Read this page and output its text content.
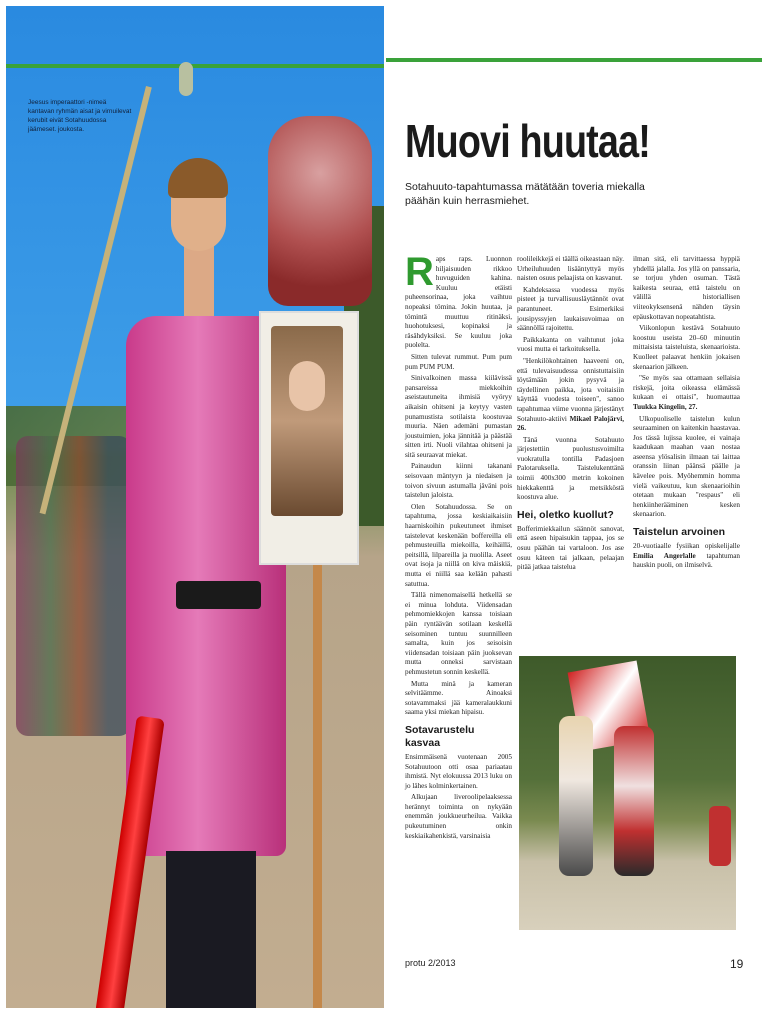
Jeesus imperaattori -nimeä kantavan ryhmän aisat ja virnuilevat kerubit eivät Sotahuudossa jäämeset. joukosta.	Muovi huutaa!
Sotahuuto-tapahtumassa mätätään toveria miekalla päähän kuin herrasmiehet.
R aps raps. Luonnon hiljaisuuden rikkoo huvuguiden kahina. Kuuluu etäisti puheensorinaa, joka vaihtuu nopeaksi tömina. Jokin huutaa, ja tömintä muuttuu ritinäksi, huohotuksesi, kopinaksi ja räsähdyksiksi. Se kuuluu joka puolelta.

Sitten tulevat rummut. Pum pum pum PUM PUM.

Sinivalkoinen massa kiilävissä pansareissa miekkoihin aseistautuneita ihmisiä vyöryy aikaisin ohitseni ja keytyy vasten punamustista sotilaista koostuvaa muuria. Näen ademäni pumastan joustuimien, joka jännitää ja päästää sitten irti. Nuoli vilahtaa ohitseni ja sitä seuraavat miekat.

Painaudun kiinni takanani seisovaan mäntyyn ja niedaisen ja toivon sivuun astumalla jäväni pois taistelun jaloista.

Olen Sotahuudossa. Se on tapahtuma, jossa keskiaikaisiin haarniskoihin pukeutuneet ihmiset taistelevat keskenään boffereilla eli pehmusteuilla miekoilla, keihäillä, peitsillä, lilpareilla ja nuolilla. Aseet ovat isoja ja niillä on kiva mäiskiä, mutta ei niillä saa kelään pahasti satuttua.

Tällä nimenomaisellä hetkellä se ei minua lohduta. Viidensadan pehmomiekkojen kanssa toisiaan päin ryntäävän sotilaan keskellä seisominen tuntuu suunnilleen samalta, kuin jos seisoisin viidensadan toisiaan päin juoksevan mutta onneksi sarvistaan pehmustetun sonnin keskellä.

Mutta minä ja kameran selvitäämme. Ainoaksi sotavammaksi jää kameralaukkuni saama yksi miekan hipaisu.

Sotavarustelu kasvaa

Ensimmäisenä vuotenaan 2005 Sotahuutoon otti osaa pariaatau ihmistä. Nyt elokuussa 2013 luku on jo lähes kolminkertainen.

Alkujaan liveroolipelaaksessa herännyt toiminta on nykyään enemmän joukkueurheilua. Vaikka pukeutuminen onkin keskiaikahenkistä, varsinaisia

roolileikkejä ei täällä oikeastaan näy. Urheiluhuuden lisääntyttyä myös naisten osuus pelaajista on kasvanut.

Kahdeksassa vuodessa myös pisteet ja turvallisuusläytännöt ovat parantuneet. Esimerkiksi jousipyssyjen laukaisuvoimaa on säännöllä rajoitettu.

Paikkakanta on vaihtunut joka vuosi mutta ei tarkoituksella.

"Henkilökohtainen haaveeni on, että tulevaisuudessa onnistuttaisiin löytämään jokin pysyvä ja täydellinen paikka, jota voitaisiin käyttää vuodesta toiseen", sanoo tapahtumaa viime vuonna järjestänyt Sotahuuto-aktiivi Mikael Palojärvi, 26.

Tänä vuonna Sotahuuto järjestettiin puolustusvoimilta vuokratulla tontilla Padasjoen Palotaruksella. Taistelukenttänä toimii 400x300 metrin kokoinen hiekkakenttä ja metsikköstä koostuva alue.

Hei, oletko kuollut?

Bofferimiekkailun säännöt sanovat, että aseen hipaisukin tappaa, jos se osuu päähän tai vartaloon. Jos ase osuu käteen tai jalkaan, pelaajan pitää jatkaa taistelua

ilman sitä, eli tarvittaessa hyppiä yhdellä jalalla. Jos yllä on panssaria, se torjuu yhden osuman. Tästä kaikesta seuraa, että taistelu on välillä historiallisen viiteokyksensenä nähden täysin epäuskottavan nopeatahtista.

Viikonlopun kestävä Sotahuuto koostuu useista 20–60 minuutin mittaisista taisteluista, skenaarioista. Kuolleet palaavat henkiin jokaisen skenaarion jälkeen.

"Se myös saa ottamaan sellaisia riskejä, joita oikeassa elämässä kukaan ei ottaisi", huomauttaa Tuukka Kingelin, 27.

Ulkopuoliselle taistelun kulun seuraaminen on kaitenkin haastavaa. Jos tässä lujissa kuolee, ei vainaja kaadukaan maahan vaan nostaa aseensa ylösalisin ilmaan tai laittaa oranssin liinan päänsä päälle ja kävelee pois. Myöhemmin homma vielä vaikeutuu, kun skenaarioihin otetaan mukaan "respaus" eli henkiinherääminen kesken skenaarion.

Taistelun arvoinen

20-vuotiaalle fysiikan opiskelijalle Emilia Angerlalle tapahtuman hauskin puoli, on ilmiselvä.

protu 2/2013	19
